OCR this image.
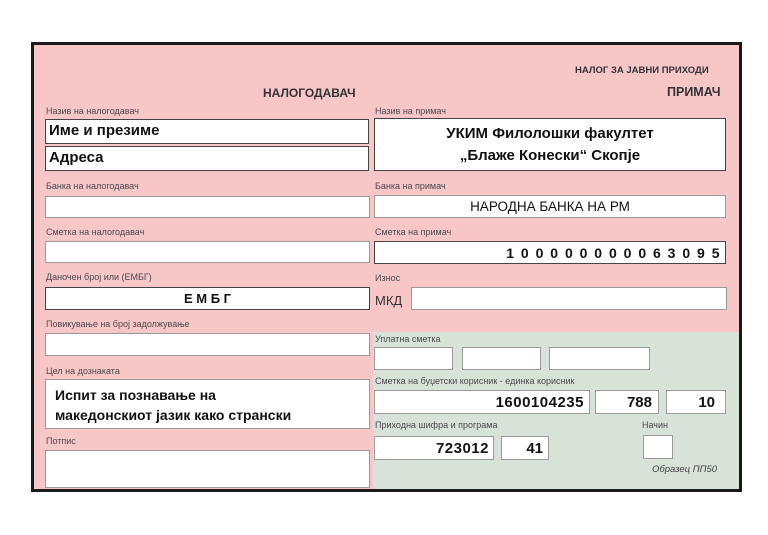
НАЛОГ ЗА ЈАВНИ ПРИХОДИ
НАЛОГОДАВАЧ	ПРИМАЧ
Назив на налогодавач
Име и презиме
Адреса
Банка на налогодавач
Сметка на налогодавач
Даночен број или (ЕМБГ)
Е М Б Г
Повикување на број задолжување
Цел на дознаката
Испит за познавање на
македонскиот јазик како странски
Потпис
Назив на примач
УКИМ Филолошки факултет
„Блаже Конески“ Скопје
Банка на примач
НАРОДНА БАНКА НА РМ
Сметка на примач
1 0 0 0 0 0 0 0 0 0 6 3 0 9 5
Износ
МКД
Уплатна сметка
Сметка на буџетски корисник - единка корисник
1600104235	788	10
Приходна шифра и програма	Начин
723012 41
Образец ПП50
